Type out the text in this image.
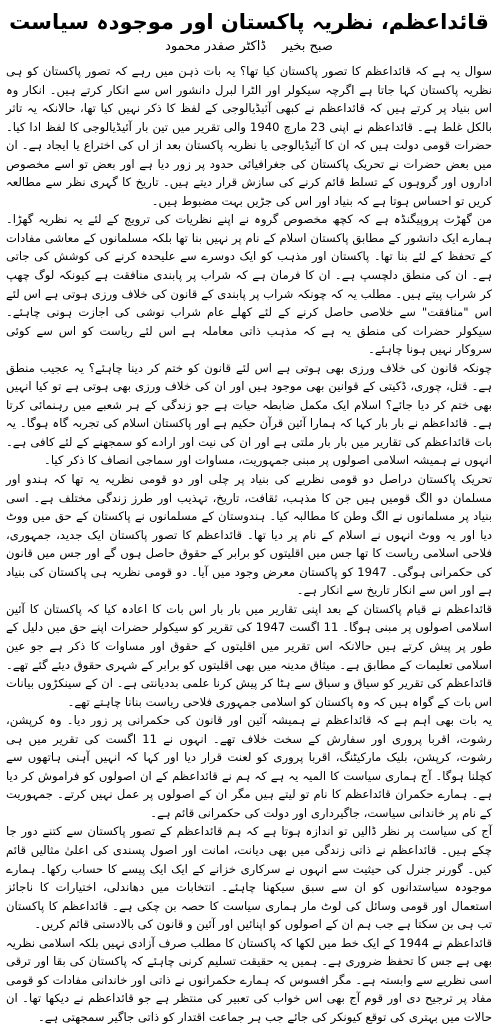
قائداعظم، نظریہ پاکستان اور موجودہ سیاست
صبح بخیر ڈاکٹر صفدر محمود

سوال یہ ہے کہ قائداعظم کا تصور پاکستان کیا تھا؟ یہ بات ذہن میں رہے کہ تصور پاکستان کو ہی نظریہ پاکستان کہا جاتا ہے اگرچہ سیکولر اور الٹرا لبرل دانشور اس سے انکار کرتے ہیں۔ انکار وہ اس بنیاد پر کرتے ہیں کہ قائداعظم نے کبھی آئیڈیالوجی کے لفظ کا ذکر نہیں کیا تھا، حالانکہ یہ تاثر بالکل غلط ہے۔ قائداعظم نے اپنی 23 مارچ 1940 والی تقریر میں تین بار آئیڈیالوجی کا لفظ ادا کیا۔ حضرات قومی دولت ہیں کہ ان کا آئیڈیالوجی یا نظریہ پاکستان بعد از اں کی اختراع یا ایجاد ہے۔ ان میں بعض حضرات نے تحریک پاکستان کی جغرافیائی حدود پر زور دیا ہے اور بعض تو اسے مخصوص اداروں اور گروہوں کے تسلط قائم کرنے کی سازش قرار دیتے ہیں۔ تاریخ کا گہری نظر سے مطالعہ کریں تو احساس ہوتا ہے کہ بنیاد اور اس کی جڑیں بہت مضبوط ہیں۔

من گھڑت پروپیگنڈہ ہے کہ کچھ مخصوص گروہ نے اپنے نظریات کی ترویج کے لئے یہ نظریہ گھڑا۔ ہمارے ایک دانشور کے مطابق پاکستان اسلام کے نام پر نہیں بنا تھا بلکہ مسلمانوں کے معاشی مفادات کے تحفظ کے لئے بنا تھا۔ پاکستان اور مذہب کو ایک دوسرے سے علیحدہ کرنے کی کوشش کی جاتی ہے۔ ان کی منطق دلچسپ ہے۔ ان کا فرمان ہے کہ شراب پر پابندی منافقت ہے کیونکہ لوگ چھپ کر شراب پیتے ہیں۔ مطلب یہ کہ چونکہ شراب پر پابندی کے قانون کی خلاف ورزی ہوتی ہے اس لئے اس "منافقت" سے خلاصی حاصل کرنے کے لئے کھلے عام شراب نوشی کی اجازت ہونی چاہئے۔ سیکولر حضرات کی منطق یہ ہے کہ مذہب ذاتی معاملہ ہے اس لئے ریاست کو اس سے کوئی سروکار نہیں ہونا چاہئے۔

چونکہ قانون کی خلاف ورزی بھی ہوتی ہے اس لئے قانون کو ختم کر دینا چاہئے؟ یہ عجیب منطق ہے۔ قتل، چوری، ڈکیتی کے قوانین بھی موجود ہیں اور ان کی خلاف ورزی بھی ہوتی ہے تو کیا انہیں بھی ختم کر دیا جائے؟ اسلام ایک مکمل ضابطہ حیات ہے جو زندگی کے ہر شعبے میں رہنمائی کرتا ہے۔ قائداعظم نے بار بار کہا کہ ہمارا آئین قرآن حکیم ہے اور پاکستان اسلام کی تجربہ گاہ ہوگا۔ یہ بات قائداعظم کی تقاریر میں بار بار ملتی ہے اور ان کی نیت اور ارادے کو سمجھنے کے لئے کافی ہے۔ انہوں نے ہمیشہ اسلامی اصولوں پر مبنی جمہوریت، مساوات اور سماجی انصاف کا ذکر کیا۔

تحریک پاکستان دراصل دو قومی نظریے کی بنیاد پر چلی اور دو قومی نظریہ یہ تھا کہ ہندو اور مسلمان دو الگ قومیں ہیں جن کا مذہب، ثقافت، تاریخ، تہذیب اور طرز زندگی مختلف ہے۔ اسی بنیاد پر مسلمانوں نے الگ وطن کا مطالبہ کیا۔ ہندوستان کے مسلمانوں نے پاکستان کے حق میں ووٹ دیا اور یہ ووٹ انہوں نے اسلام کے نام پر دیا تھا۔ قائداعظم کا تصور پاکستان ایک جدید، جمہوری، فلاحی اسلامی ریاست کا تھا جس میں اقلیتوں کو برابر کے حقوق حاصل ہوں گے اور جس میں قانون کی حکمرانی ہوگی۔ 1947 کو پاکستان معرض وجود میں آیا۔ دو قومی نظریہ ہی پاکستان کی بنیاد ہے اور اس سے انکار تاریخ سے انکار ہے۔

قائداعظم نے قیام پاکستان کے بعد اپنی تقاریر میں بار بار اس بات کا اعادہ کیا کہ پاکستان کا آئین اسلامی اصولوں پر مبنی ہوگا۔ 11 اگست 1947 کی تقریر کو سیکولر حضرات اپنے حق میں دلیل کے طور پر پیش کرتے ہیں حالانکہ اس تقریر میں اقلیتوں کے حقوق اور مساوات کا ذکر ہے جو عین اسلامی تعلیمات کے مطابق ہے۔ میثاق مدینہ میں بھی اقلیتوں کو برابر کے شہری حقوق دیئے گئے تھے۔ قائداعظم کی تقریر کو سیاق و سباق سے ہٹا کر پیش کرنا علمی بددیانتی ہے۔ ان کے سینکڑوں بیانات اس بات کے گواہ ہیں کہ وہ پاکستان کو اسلامی جمہوری فلاحی ریاست بنانا چاہتے تھے۔

یہ بات بھی اہم ہے کہ قائداعظم نے ہمیشہ آئین اور قانون کی حکمرانی پر زور دیا۔ وہ کرپشن، رشوت، اقربا پروری اور سفارش کے سخت خلاف تھے۔ انہوں نے 11 اگست کی تقریر میں ہی رشوت، کرپشن، بلیک مارکیٹنگ، اقربا پروری کو لعنت قرار دیا اور کہا کہ انہیں آہنی ہاتھوں سے کچلنا ہوگا۔ آج ہماری سیاست کا المیہ یہ ہے کہ ہم نے قائداعظم کے ان اصولوں کو فراموش کر دیا ہے۔ ہمارے حکمران قائداعظم کا نام تو لیتے ہیں مگر ان کے اصولوں پر عمل نہیں کرتے۔ جمہوریت کے نام پر خاندانی سیاست، جاگیرداری اور دولت کی حکمرانی قائم ہے۔

آج کی سیاست پر نظر ڈالیں تو اندازہ ہوتا ہے کہ ہم قائداعظم کے تصور پاکستان سے کتنے دور جا چکے ہیں۔ قائداعظم نے ذاتی زندگی میں بھی دیانت، امانت اور اصول پسندی کی اعلیٰ مثالیں قائم کیں۔ گورنر جنرل کی حیثیت سے انہوں نے سرکاری خزانے کے ایک ایک پیسے کا حساب رکھا۔ ہمارے موجودہ سیاستدانوں کو ان سے سبق سیکھنا چاہئے۔ انتخابات میں دھاندلی، اختیارات کا ناجائز استعمال اور قومی وسائل کی لوٹ مار ہماری سیاست کا حصہ بن چکی ہے۔ قائداعظم کا پاکستان تب ہی بن سکتا ہے جب ہم ان کے اصولوں کو اپنائیں اور آئین و قانون کی بالادستی قائم کریں۔

قائداعظم نے 1944 کے ایک خط میں لکھا کہ پاکستان کا مطلب صرف آزادی نہیں بلکہ اسلامی نظریہ بھی ہے جس کا تحفظ ضروری ہے۔ ہمیں یہ حقیقت تسلیم کرنی چاہئے کہ پاکستان کی بقا اور ترقی اسی نظریے سے وابستہ ہے۔ مگر افسوس کہ ہمارے حکمرانوں نے ذاتی اور خاندانی مفادات کو قومی مفاد پر ترجیح دی اور قوم آج بھی اس خواب کی تعبیر کی منتظر ہے جو قائداعظم نے دیکھا تھا۔ ان حالات میں بہتری کی توقع کیونکر کی جائے جب ہر جماعت اقتدار کو ذاتی جاگیر سمجھتی ہے۔
